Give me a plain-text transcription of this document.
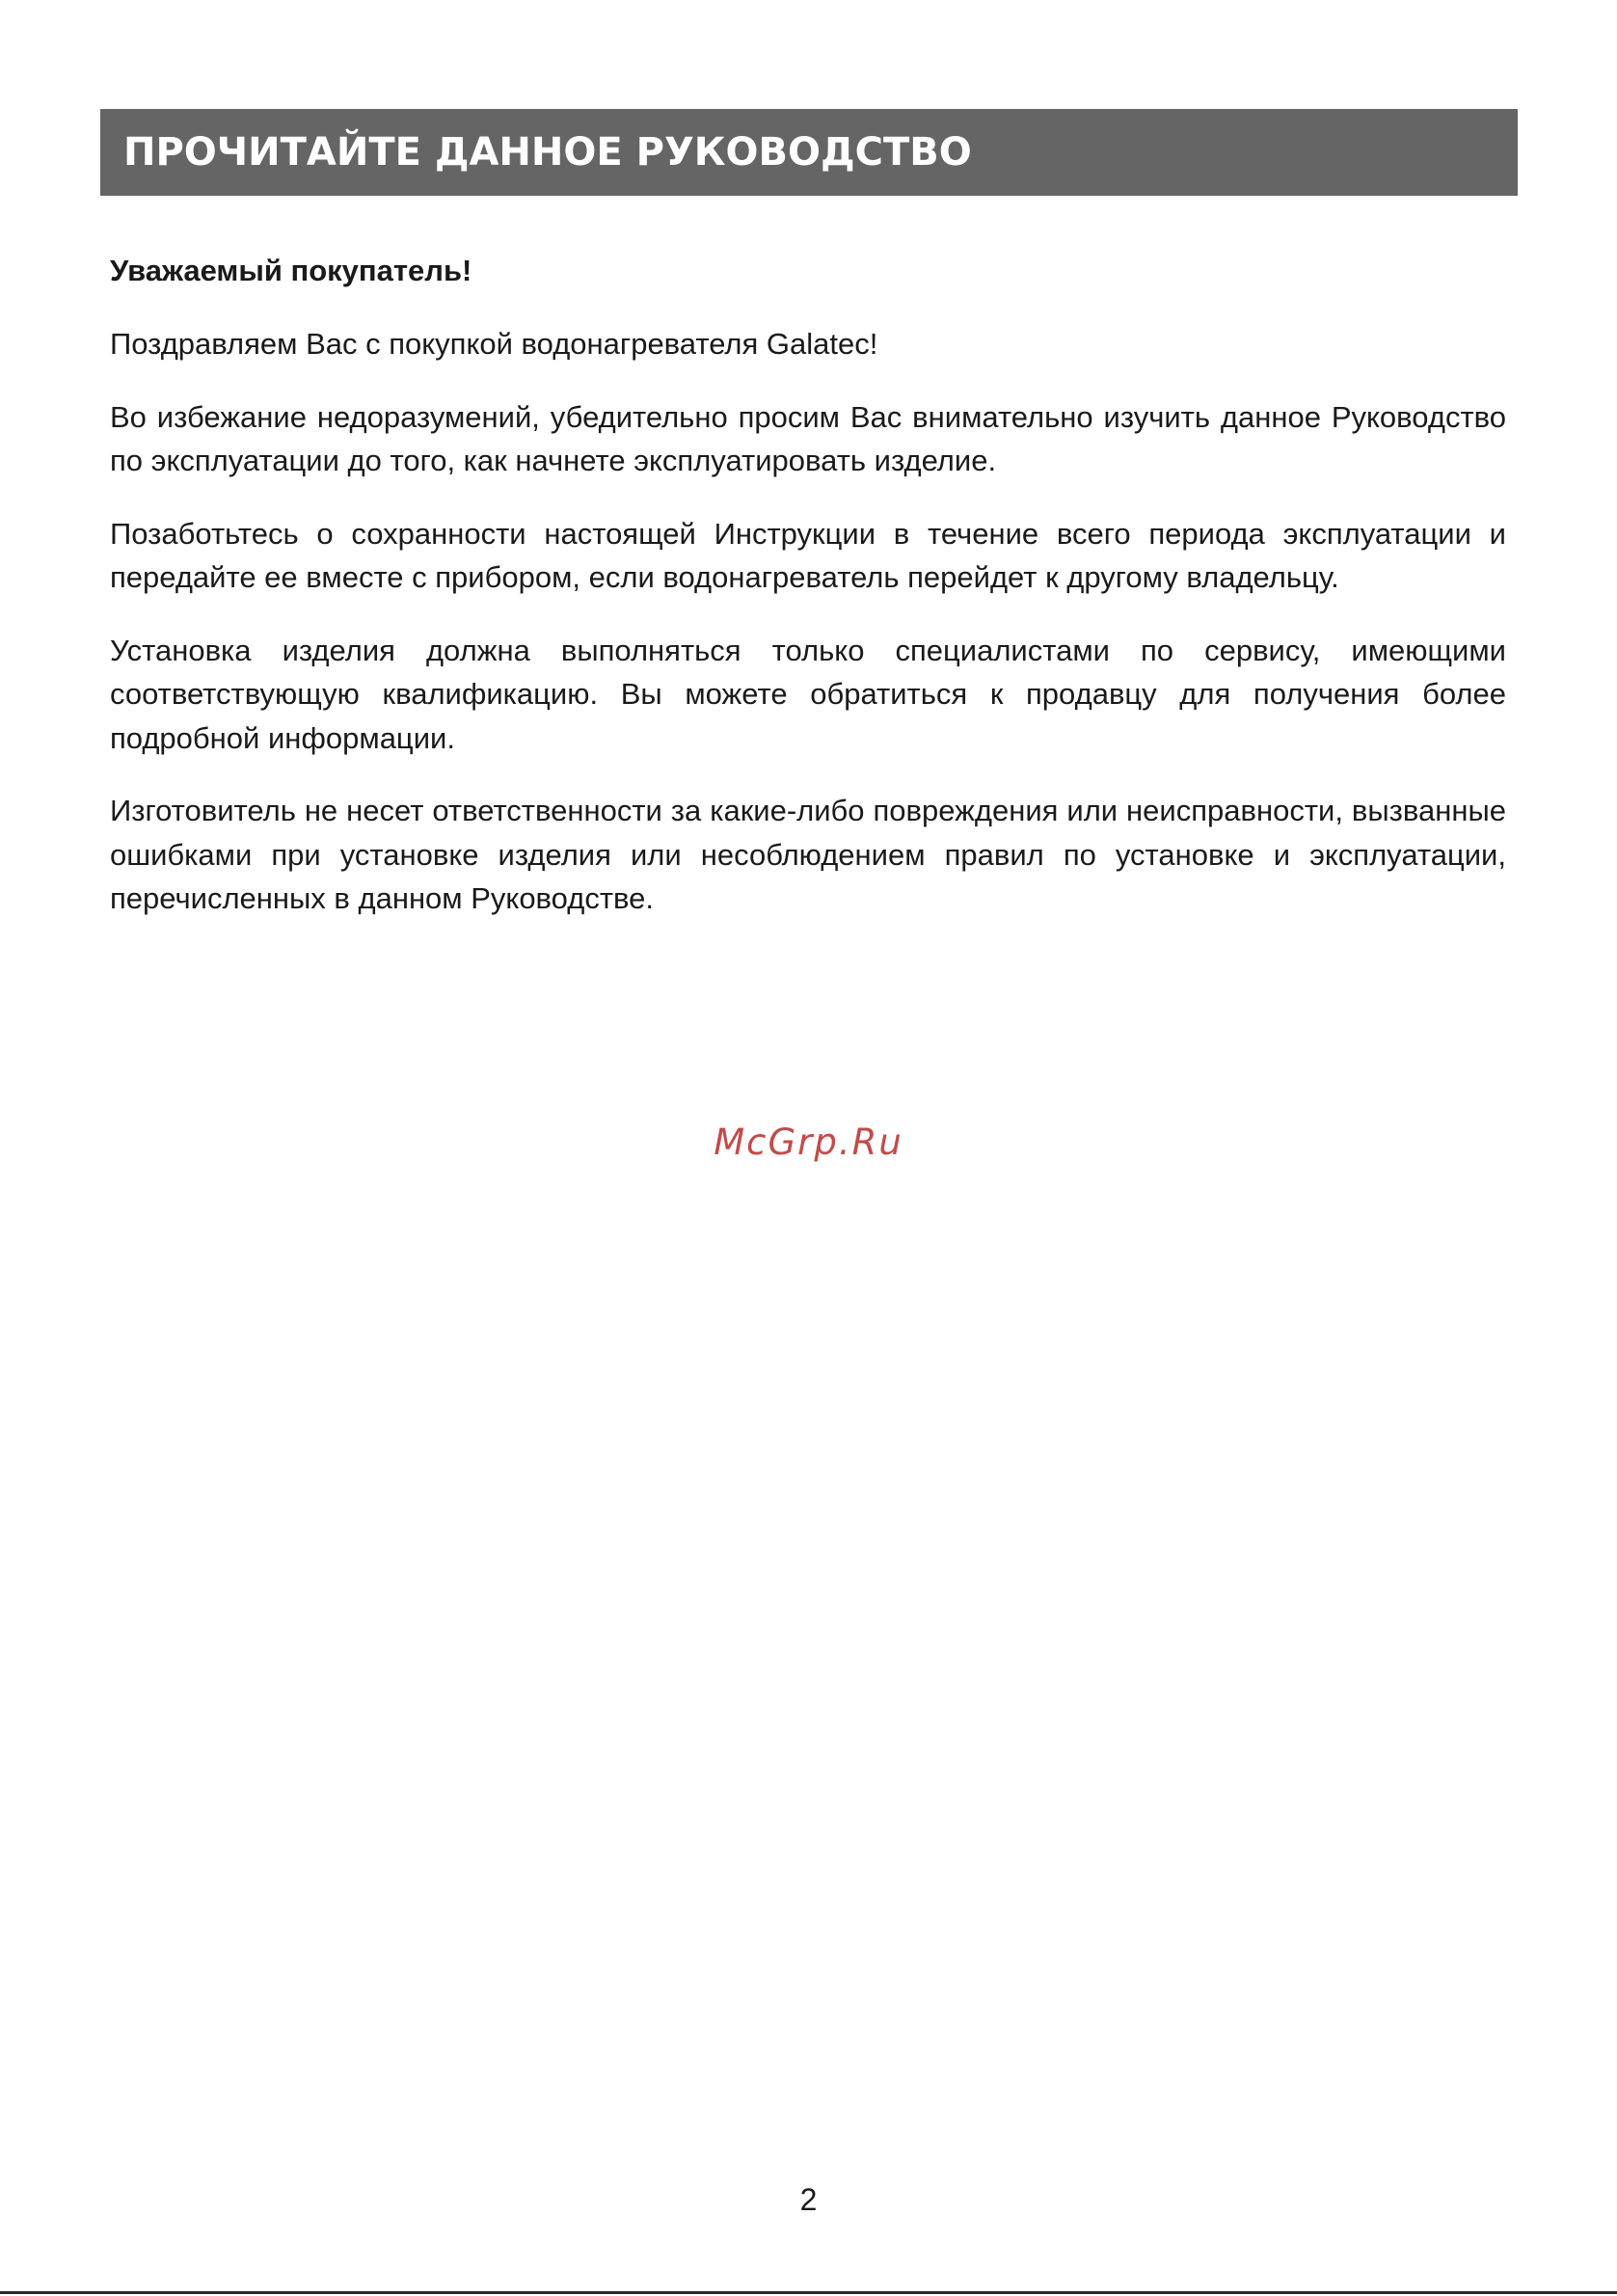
ПРОЧИТАЙТЕ ДАННОЕ РУКОВОДСТВО

Уважаемый покупатель!

Поздравляем Вас с покупкой водонагревателя Galatec!

Во избежание недоразумений, убедительно просим Вас внимательно изучить данное Руководство по эксплуатации до того, как начнете эксплуатировать изделие.

Позаботьтесь о сохранности настоящей Инструкции в течение всего периода эксплуатации и передайте ее вместе с прибором, если водонагреватель перейдет к другому владельцу.

Установка изделия должна выполняться только специалистами по сервису, имеющими соответствующую квалификацию. Вы можете обратиться к продавцу для получения более подробной информации.

Изготовитель не несет ответственности за какие-либо повреждения или неисправности, вызванные ошибками при установке изделия или несоблюдением правил по установке и эксплуатации, перечисленных в данном Руководстве.

McGrp.Ru
2
